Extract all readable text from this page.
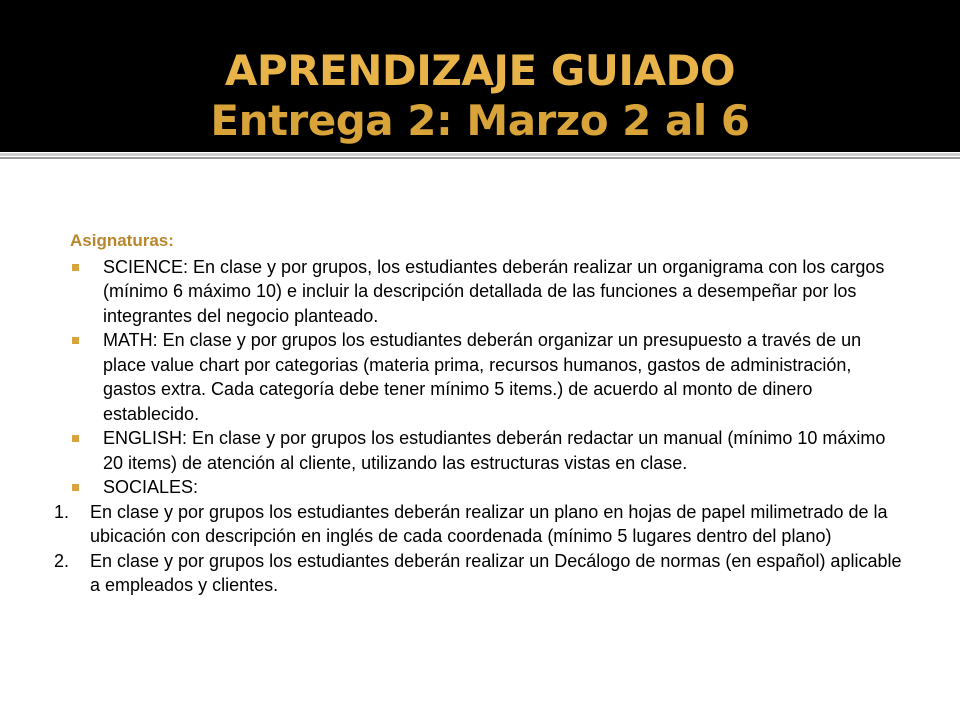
APRENDIZAJE GUIADO
Entrega 2: Marzo 2 al 6
Asignaturas:
SCIENCE: En clase y por grupos, los estudiantes deberán realizar un organigrama con los cargos (mínimo 6 máximo 10) e incluir la descripción detallada de las funciones a desempeñar por los integrantes del negocio planteado.
MATH: En clase y por grupos los estudiantes deberán organizar un presupuesto a través de un place value chart por categorias (materia prima, recursos humanos, gastos de administración, gastos extra. Cada categoría debe tener mínimo 5 items.) de acuerdo al monto de dinero establecido.
ENGLISH: En clase y por grupos los estudiantes deberán redactar un manual (mínimo 10 máximo 20 items) de atención al cliente, utilizando las estructuras vistas en clase.
SOCIALES:
1. En clase y por grupos los estudiantes deberán realizar un plano en hojas de papel milimetrado de la ubicación con descripción en inglés de cada coordenada (mínimo 5 lugares dentro del plano)
2. En clase y por grupos los estudiantes deberán realizar un Decálogo de normas (en español) aplicable a empleados y clientes.
